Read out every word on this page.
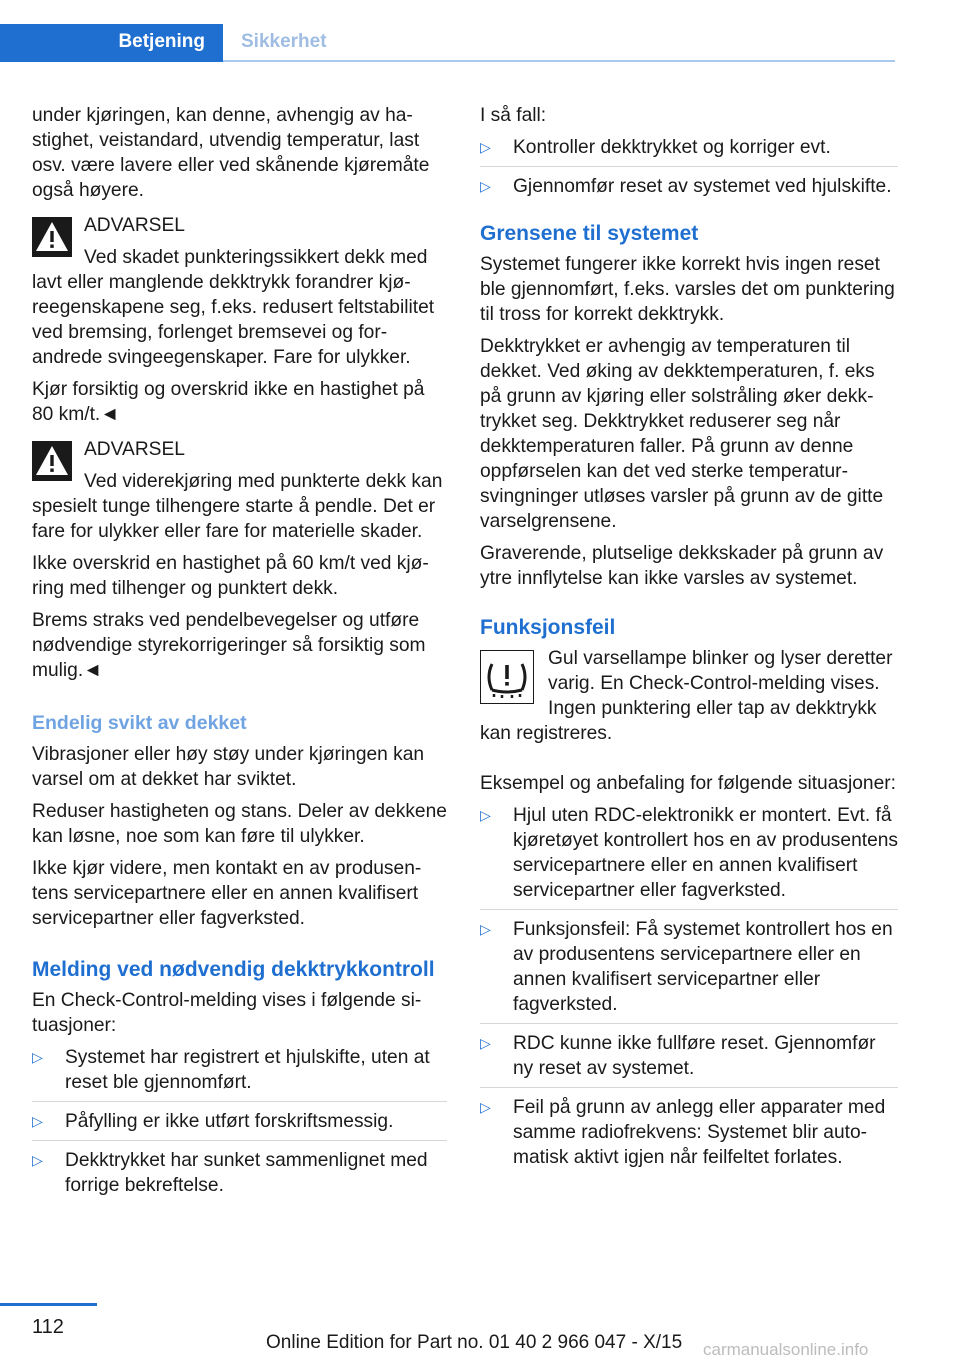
Betjening Sikkerhet

under kjøringen, kan denne, avhengig av hastighet, veistandard, utvendig temperatur, last osv. være lavere eller ved skånende kjøremåte også høyere.

ADVARSEL

Ved skadet punkteringssikkert dekk med lavt eller manglende dekktrykk forandrer kjøreegenskapene seg, f.eks. redusert feltstabilitet ved bremsing, forlenget bremsevei og forandrede svingeegenskaper. Fare for ulykker.

Kjør forsiktig og overskrid ikke en hastighet på 80 km/t.◄

ADVARSEL

Ved viderekjøring med punkterte dekk kan spesielt tunge tilhengere starte å pendle. Det er fare for ulykker eller fare for materielle skader.

Ikke overskrid en hastighet på 60 km/t ved kjøring med tilhenger og punktert dekk.

Brems straks ved pendelbevegelser og utføre nødvendige styrekorrigeringer så forsiktig som mulig.◄

Endelig svikt av dekket

Vibrasjoner eller høy støy under kjøringen kan varsel om at dekket har sviktet.

Reduser hastigheten og stans. Deler av dekkene kan løsne, noe som kan føre til ulykker.

Ikke kjør videre, men kontakt en av produsentens servicepartnere eller en annen kvalifisert servicepartner eller fagverksted.

Melding ved nødvendig dekktrykkontroll

En Check-Control-melding vises i følgende situasjoner:

▷ Systemet har registrert et hjulskifte, uten at reset ble gjennomført.
▷ Påfylling er ikke utført forskriftsmessig.
▷ Dekktrykket har sunket sammenlignet med forrige bekreftelse.

I så fall:

▷ Kontroller dekktrykket og korriger evt.
▷ Gjennomfør reset av systemet ved hjulskifte.
Grensene til systemet

Systemet fungerer ikke korrekt hvis ingen reset ble gjennomført, f.eks. varsles det om punktering til tross for korrekt dekktrykk.

Dekktrykket er avhengig av temperaturen til dekket. Ved øking av dekktemperaturen, f. eks på grunn av kjøring eller solstråling øker dekktrykket seg. Dekktrykket reduserer seg når dekktemperaturen faller. På grunn av denne oppførselen kan det ved sterke temperatursvingninger utløses varsler på grunn av de gitte varselgrensene.

Graverende, plutselige dekkskader på grunn av ytre innflytelse kan ikke varsles av systemet.

Funksjonsfeil

Gul varsellampe blinker og lyser deretter varig. En Check-Control-melding vises. Ingen punktering eller tap av dekktrykk kan registreres.

Eksempel og anbefaling for følgende situasjoner:

▷ Hjul uten RDC-elektronikk er montert. Evt. få kjøretøyet kontrollert hos en av produsentens servicepartnere eller en annen kvalifisert servicepartner eller fagverksted.
▷ Funksjonsfeil: Få systemet kontrollert hos en av produsentens servicepartnere eller en annen kvalifisert servicepartner eller fagverksted.
▷ RDC kunne ikke fullføre reset. Gjennomfør ny reset av systemet.
▷ Feil på grunn av anlegg eller apparater med samme radiofrekvens: Systemet blir automatisk aktivt igjen når feilfeltet forlates.
112
Online Edition for Part no. 01 40 2 966 047 - X/15 carmanualsonline.info
